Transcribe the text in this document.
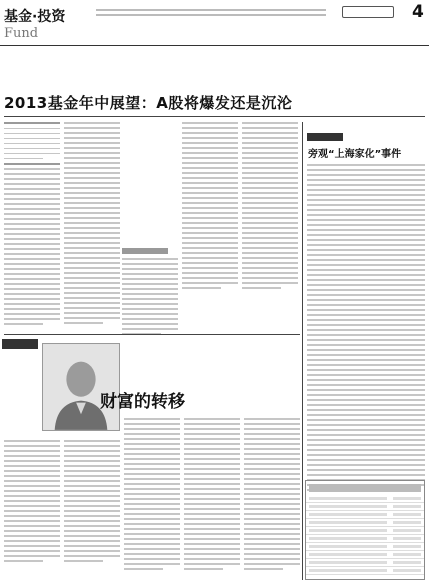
基金·投资
Fund
4
2013基金年中展望：A股将爆发还是沉沦
财富的转移
旁观“上海家化”事件
